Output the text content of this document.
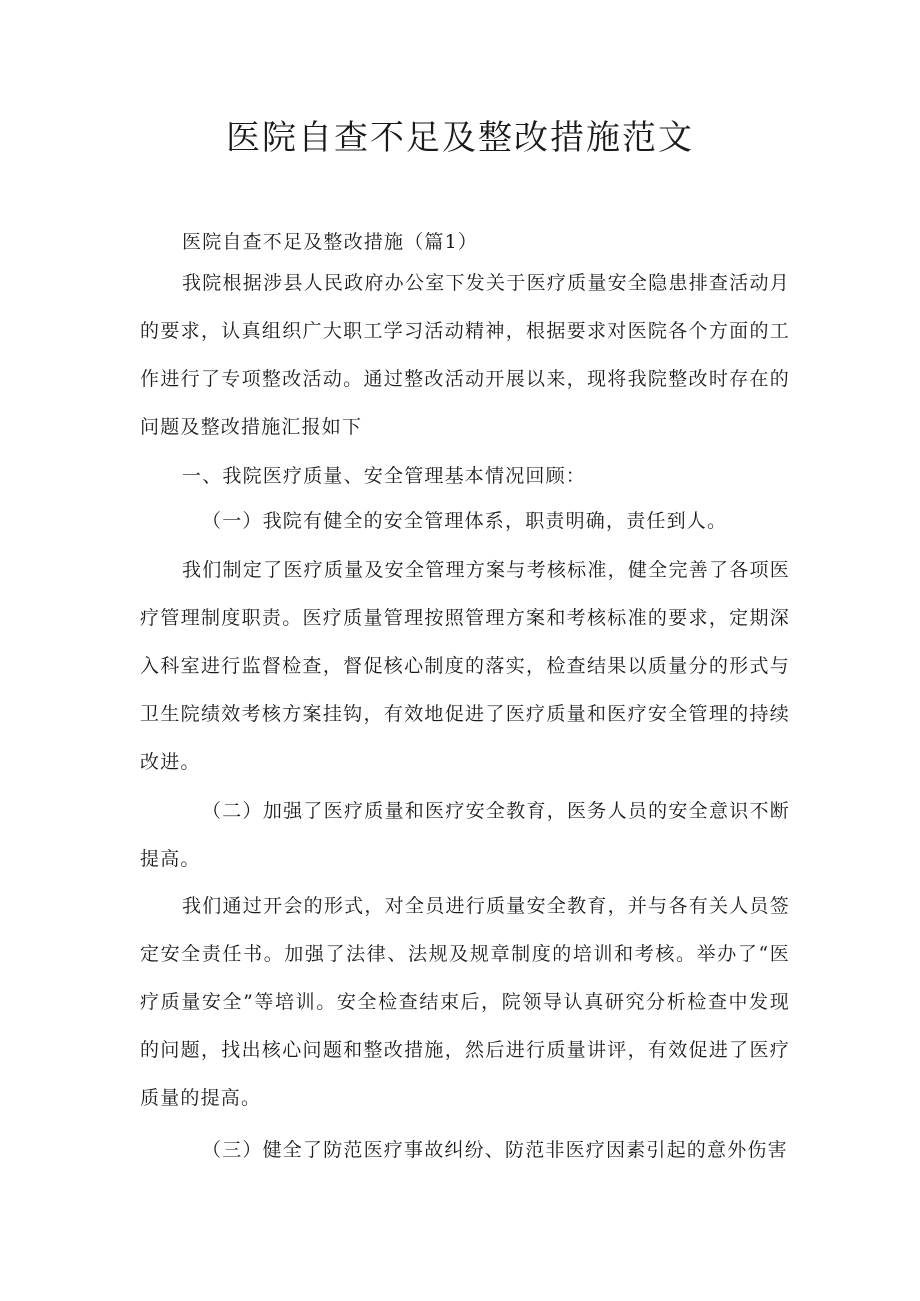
医院自查不足及整改措施范文

医院自查不足及整改措施（篇1）

我院根据涉县人民政府办公室下发关于医疗质量安全隐患排查活动月的要求，认真组织广大职工学习活动精神，根据要求对医院各个方面的工作进行了专项整改活动。通过整改活动开展以来，现将我院整改时存在的问题及整改措施汇报如下

一、我院医疗质量、安全管理基本情况回顾：

（一）我院有健全的安全管理体系，职责明确，责任到人。

我们制定了医疗质量及安全管理方案与考核标准，健全完善了各项医疗管理制度职责。医疗质量管理按照管理方案和考核标准的要求，定期深入科室进行监督检查，督促核心制度的落实，检查结果以质量分的形式与卫生院绩效考核方案挂钩，有效地促进了医疗质量和医疗安全管理的持续改进。

（二）加强了医疗质量和医疗安全教育，医务人员的安全意识不断提高。

我们通过开会的形式，对全员进行质量安全教育，并与各有关人员签定安全责任书。加强了法律、法规及规章制度的培训和考核。举办了“医疗质量安全”等培训。安全检查结束后，院领导认真研究分析检查中发现的问题，找出核心问题和整改措施，然后进行质量讲评，有效促进了医疗质量的提高。

（三）健全了防范医疗事故纠纷、防范非医疗因素引起的意外伤害
